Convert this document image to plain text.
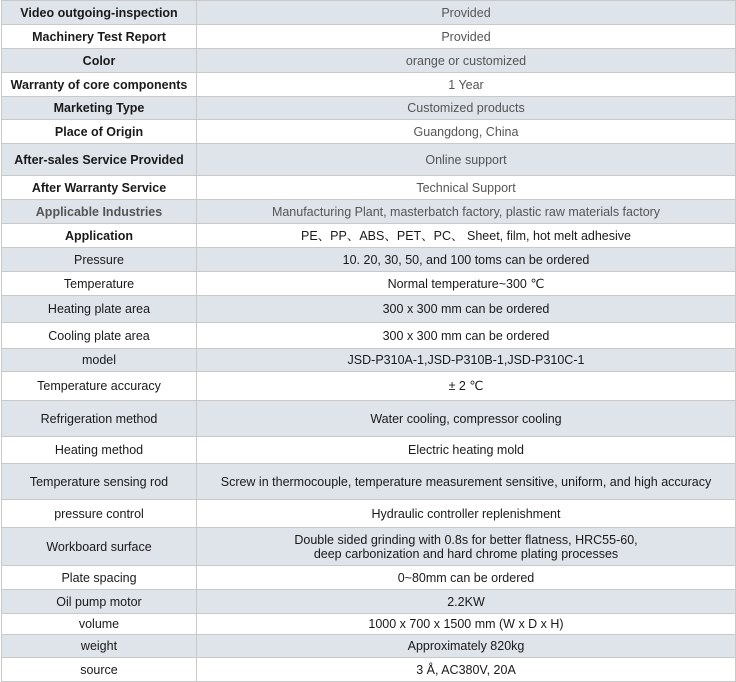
Video outgoing-inspection	Provided
Machinery Test Report	Provided
Color	orange or customized
Warranty of core components	1 Year
Marketing Type	Customized products
Place of Origin	Guangdong, China
After-sales Service Provided	Online support
After Warranty Service	Technical Support
Applicable Industries	Manufacturing Plant, masterbatch factory, plastic raw materials factory
Application	PE、PP、ABS、PET、PC、 Sheet, film, hot melt adhesive
Pressure	10. 20, 30, 50, and 100 toms can be ordered
Temperature	Normal temperature~300 ℃
Heating plate area	300 x 300 mm can be ordered
Cooling plate area	300 x 300 mm can be ordered
model	JSD-P310A-1,JSD-P310B-1,JSD-P310C-1
Temperature accuracy	± 2 ℃
Refrigeration method	Water cooling, compressor cooling
Heating method	Electric heating mold
Temperature sensing rod	Screw in thermocouple, temperature measurement sensitive, uniform, and high accuracy
pressure control	Hydraulic controller replenishment
Workboard surface	Double sided grinding with 0.8s for better flatness, HRC55-60, deep carbonization and hard chrome plating processes
Plate spacing	0~80mm can be ordered
Oil pump motor	2.2KW
volume	1000 x 700 x 1500 mm (W x D x H)
weight	Approximately 820kg
source	3 Å, AC380V, 20A
